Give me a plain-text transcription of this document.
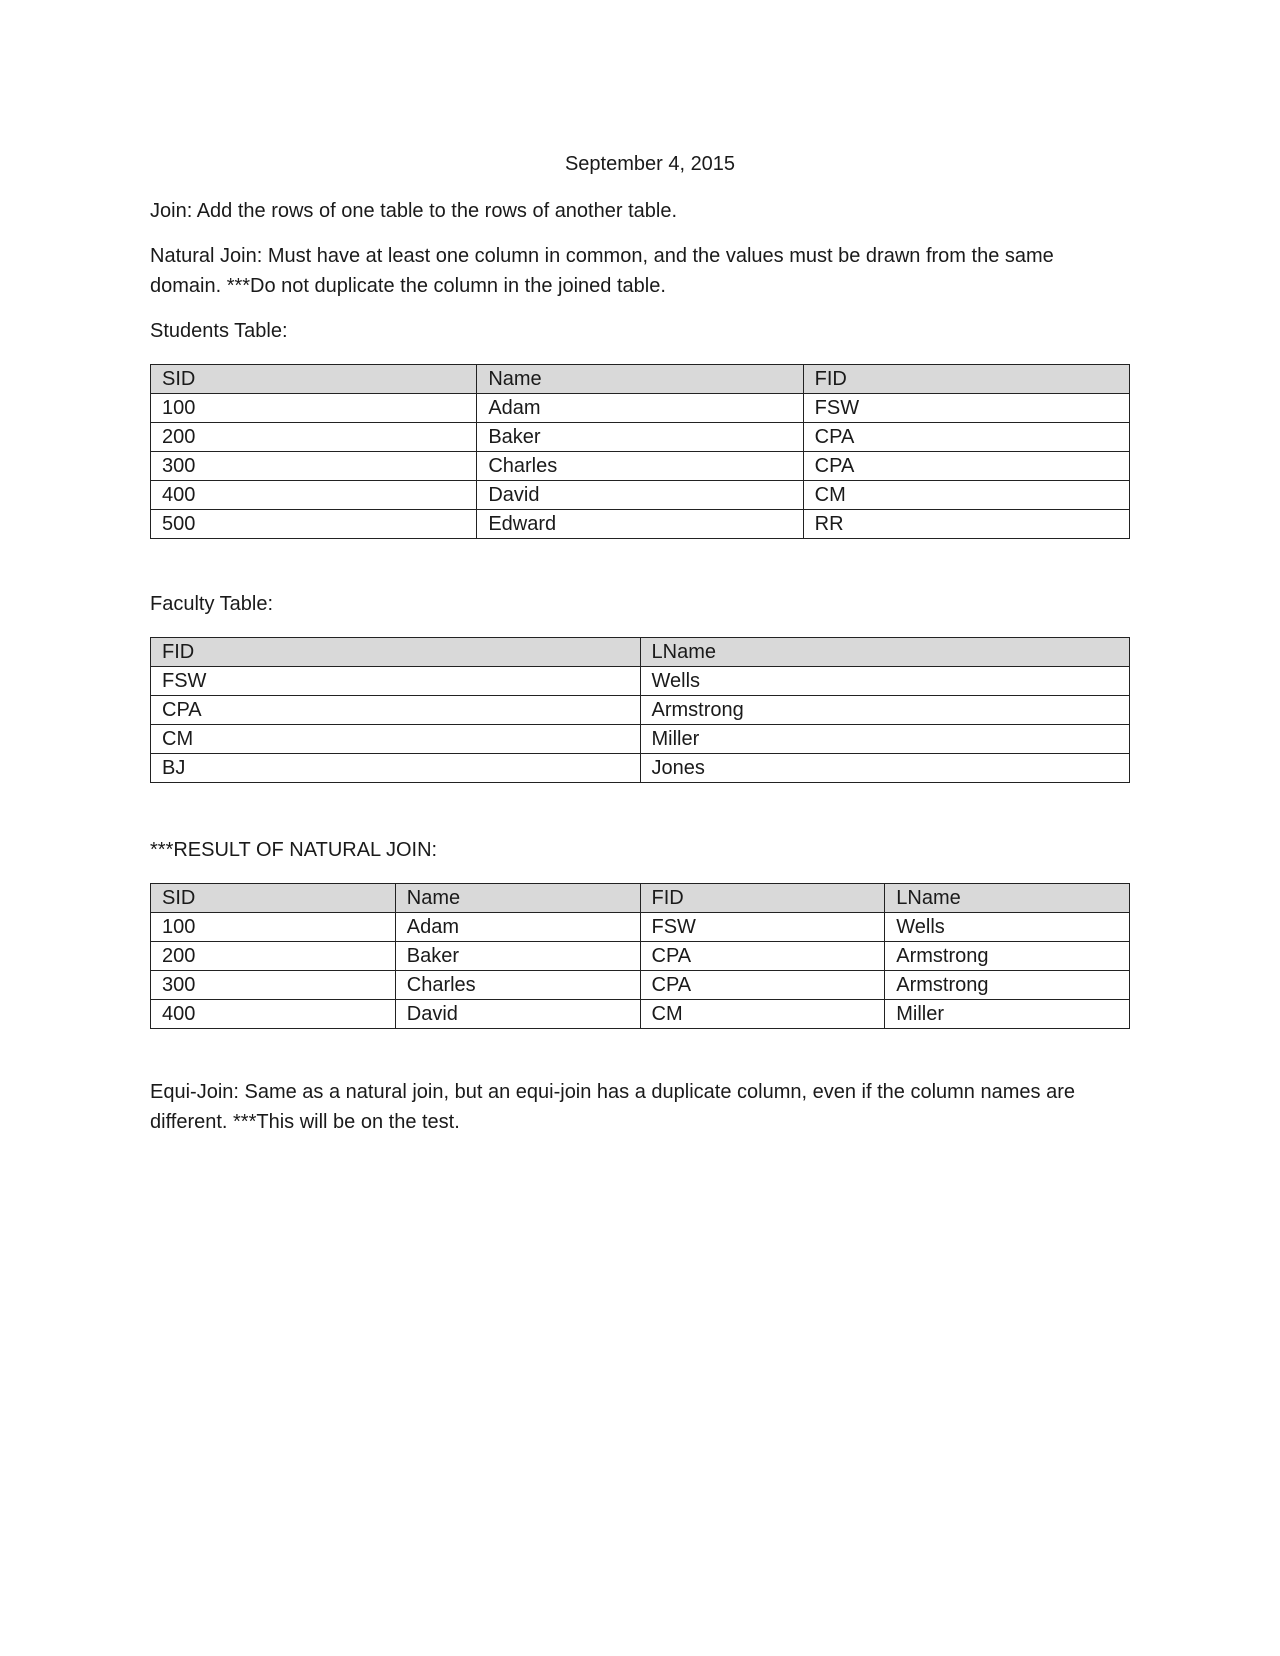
September 4, 2015

Join: Add the rows of one table to the rows of another table.

Natural Join: Must have at least one column in common, and the values must be drawn from the same
domain. ***Do not duplicate the column in the joined table.

Students Table:

SID	Name	FID
100	Adam	FSW
200	Baker	CPA
300	Charles	CPA
400	David	CM
500	Edward	RR

Faculty Table:

FID	LName
FSW	Wells
CPA	Armstrong
CM	Miller
BJ	Jones

***RESULT OF NATURAL JOIN:

SID	Name	FID	LName
100	Adam	FSW	Wells
200	Baker	CPA	Armstrong
300	Charles	CPA	Armstrong
400	David	CM	Miller

Equi-Join: Same as a natural join, but an equi-join has a duplicate column, even if the column names are
different. ***This will be on the test.
